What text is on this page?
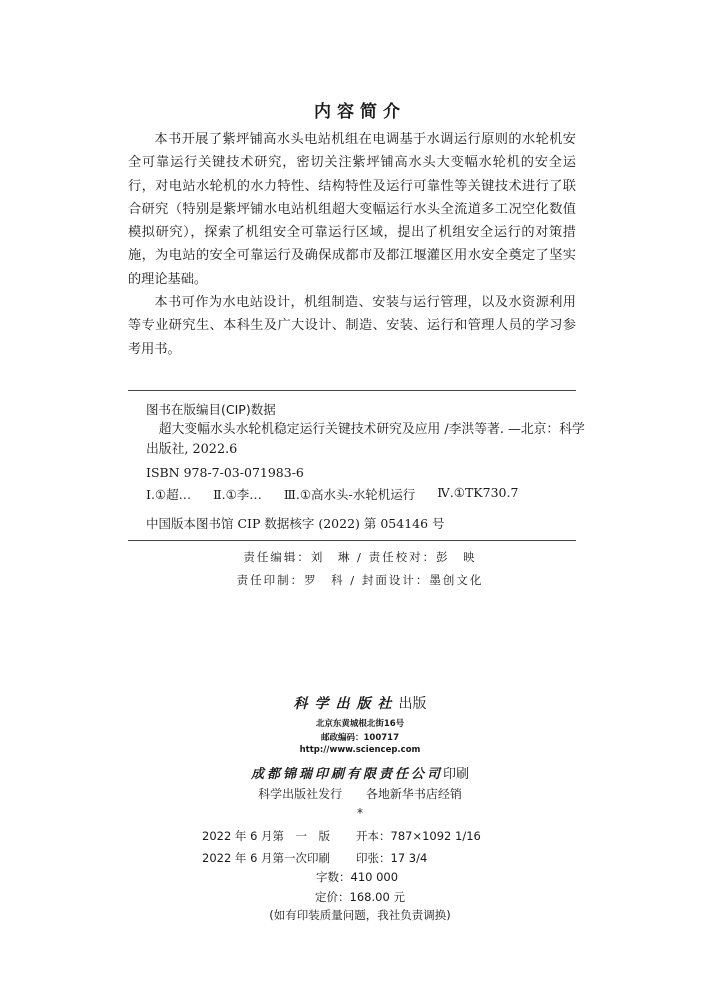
内容简介

本书开展了紫坪铺高水头电站机组在电调基于水调运行原则的水轮机安全可靠运行关键技术研究，密切关注紫坪铺高水头大变幅水轮机的安全运行，对电站水轮机的水力特性、结构特性及运行可靠性等关键技术进行了联合研究（特别是紫坪铺水电站机组超大变幅运行水头全流道多工况空化数值模拟研究），探索了机组安全可靠运行区域，提出了机组安全运行的对策措施，为电站的安全可靠运行及确保成都市及都江堰灌区用水安全奠定了坚实的理论基础。

本书可作为水电站设计，机组制造、安装与运行管理，以及水资源利用等专业研究生、本科生及广大设计、制造、安装、运行和管理人员的学习参考用书。

图书在版编目(CIP)数据
超大变幅水头水轮机稳定运行关键技术研究及应用 /李洪等著. —北京：科学出版社, 2022.6
ISBN 978-7-03-071983-6
Ⅰ.①超… Ⅱ.①李… Ⅲ.①高水头-水轮机运行 Ⅳ.①TK730.7
中国版本图书馆 CIP 数据核字 (2022) 第 054146 号
责任编辑：刘　琳 / 责任校对：彭　映
责任印制：罗　科 / 封面设计：墨创文化
科学出版社出版
北京东黄城根北街16号
邮政编码：100717
http://www.sciencep.com
成都锦瑞印刷有限责任公司印刷
科学出版社发行 各地新华书店经销
*
2022 年 6 月第　一　版 开本：787×1092 1/16
2022 年 6 月第一次印刷 印张：17 3/4
字数：410 000
定价：168.00 元
(如有印装质量问题，我社负责调换)
